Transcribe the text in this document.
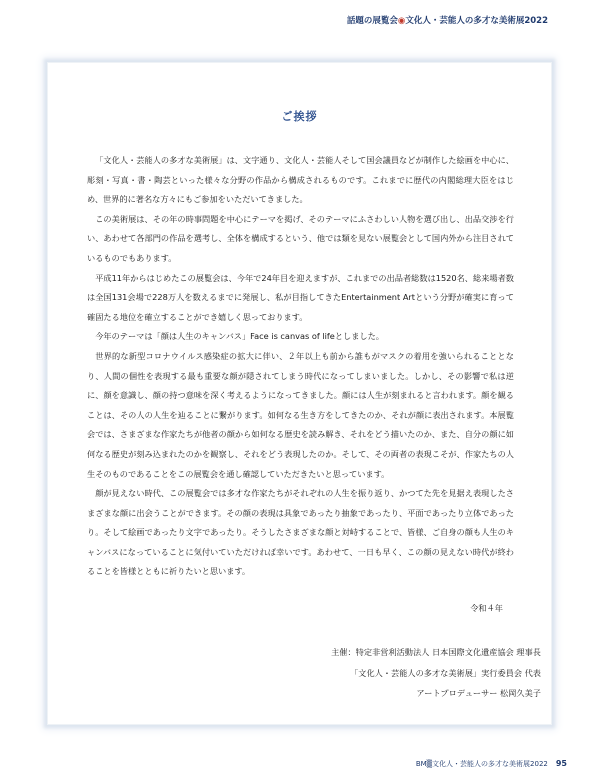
話題の展覧会◉文化人・芸能人の多才な美術展2022
ご挨拶

「文化人・芸能人の多才な美術展」は、文字通り、文化人・芸能人そして国会議員などが制作した絵画を中心に、彫刻・写真・書・陶芸といった様々な分野の作品から構成されるものです。これまでに歴代の内閣総理大臣をはじめ、世界的に著名な方々にもご参加をいただいてきました。

この美術展は、その年の時事問題を中心にテーマを掲げ、そのテーマにふさわしい人物を選び出し、出品交渉を行い、あわせて各部門の作品を選考し、全体を構成するという、他では類を見ない展覧会として国内外から注目されているものでもあります。

平成11年からはじめたこの展覧会は、今年で24年目を迎えますが、これまでの出品者総数は1520名、総来場者数は全国131会場で228万人を数えるまでに発展し、私が目指してきたEntertainment Artという分野が確実に育って確固たる地位を確立することができ嬉しく思っております。

今年のテーマは「顔は人生のキャンバス」Face is canvas of lifeとしました。

世界的な新型コロナウイルス感染症の拡大に伴い、２年以上も前から誰もがマスクの着用を強いられることとなり、人間の個性を表現する最も重要な顔が隠されてしまう時代になってしまいました。しかし、その影響で私は逆に、顔を意識し、顔の持つ意味を深く考えるようになってきました。顔には人生が刻まれると言われます。顔を観ることは、その人の人生を辿ることに繋がります。如何なる生き方をしてきたのか、それが顔に表出されます。本展覧会では、さまざまな作家たちが他者の顔から如何なる歴史を読み解き、それをどう描いたのか、また、自分の顔に如何なる歴史が刻み込まれたのかを観察し、それをどう表現したのか。そして、その両者の表現こそが、作家たちの人生そのものであることをこの展覧会を通し確認していただきたいと思っています。

顔が見えない時代、この展覧会では多才な作家たちがそれぞれの人生を振り返り、かつてた先を見据え表現したさまざまな顔に出会うことができます。その顔の表現は具象であったり抽象であったり、平面であったり立体であったり。そして絵画であったり文字であったり。そうしたさまざまな顔と対峙することで、皆様、ご自身の顔も人生のキャンバスになっていることに気付いていただければ幸いです。あわせて、一日も早く、この顔の見えない時代が終わることを皆様とともに祈りたいと思います。

令和４年
主催：特定非営利活動法人 日本国際文化遺産協会 理事長
「文化人・芸能人の多才な美術展」実行委員会 代表
アートプロデューサー 松岡久美子
BM▒文化人・芸能人の多才な美術展2022 95
